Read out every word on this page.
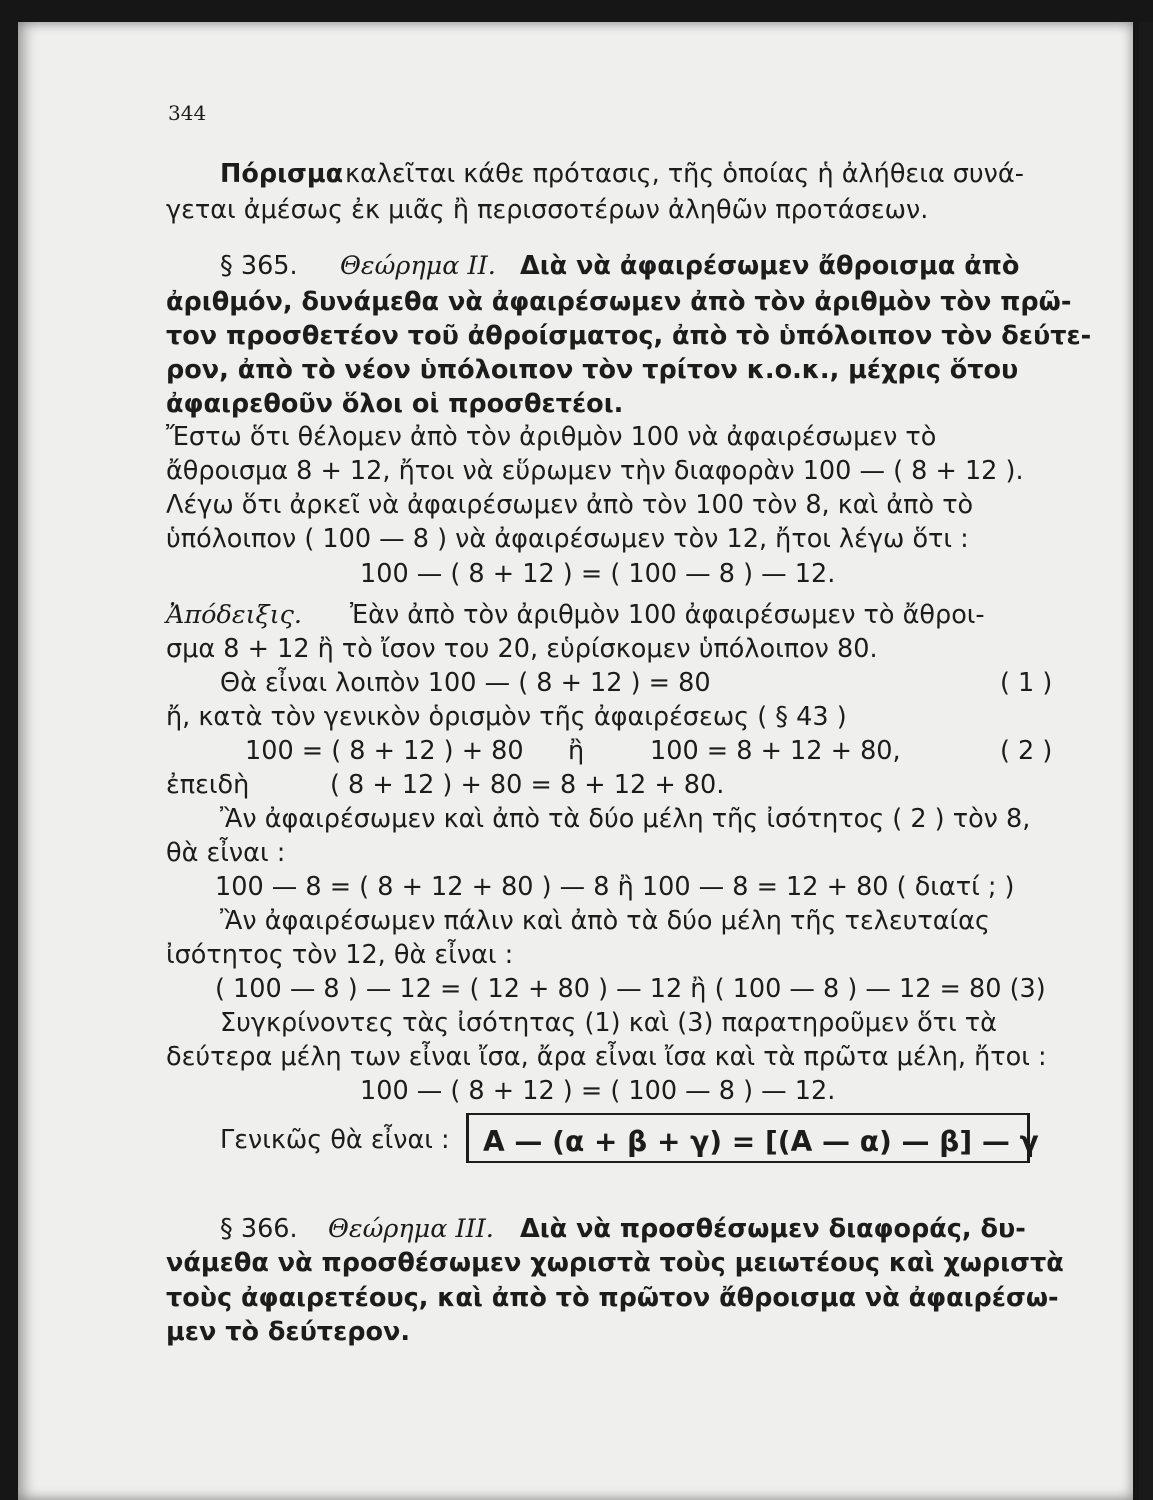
344
Πόρισμα καλεῖται κάθε πρότασις, τῆς ὁποίας ἡ ἀλήθεια συνά-
γεται ἀμέσως ἐκ μιᾶς ἢ περισσοτέρων ἀληθῶν προτάσεων.
§ 365. Θεώρημα II. Διὰ νὰ ἀφαιρέσωμεν ἄθροισμα ἀπὸ
ἀριθμόν, δυνάμεθα νὰ ἀφαιρέσωμεν ἀπὸ τὸν ἀριθμὸν τὸν πρῶ-
τον προσθετέον τοῦ ἀθροίσματος, ἀπὸ τὸ ὑπόλοιπον τὸν δεύτε-
ρον, ἀπὸ τὸ νέον ὑπόλοιπον τὸν τρίτον κ.ο.κ., μέχρις ὅτου
ἀφαιρεθοῦν ὅλοι οἱ προσθετέοι.
Ἔστω ὅτι θέλομεν ἀπὸ τὸν ἀριθμὸν 100 νὰ ἀφαιρέσωμεν τὸ
ἄθροισμα 8 + 12, ἤτοι νὰ εὕρωμεν τὴν διαφορὰν 100 — ( 8 + 12 ).
Λέγω ὅτι ἀρκεῖ νὰ ἀφαιρέσωμεν ἀπὸ τὸν 100 τὸν 8, καὶ ἀπὸ τὸ
ὑπόλοιπον ( 100 — 8 ) νὰ ἀφαιρέσωμεν τὸν 12, ἤτοι λέγω ὅτι :
100 — ( 8 + 12 ) = ( 100 — 8 ) — 12.
Ἀπόδειξις. Ἐὰν ἀπὸ τὸν ἀριθμὸν 100 ἀφαιρέσωμεν τὸ ἄθροι-
σμα 8 + 12 ἢ τὸ ἴσον του 20, εὑρίσκομεν ὑπόλοιπον 80.
Θὰ εἶναι λοιπὸν 100 — ( 8 + 12 ) = 80	( 1 )
ἤ, κατὰ τὸν γενικὸν ὁρισμὸν τῆς ἀφαιρέσεως ( § 43 )
100 = ( 8 + 12 ) + 80 ἢ	100 = 8 + 12 + 80,	( 2 )
ἐπειδὴ	( 8 + 12 ) + 80 = 8 + 12 + 80.
Ἂν ἀφαιρέσωμεν καὶ ἀπὸ τὰ δύο μέλη τῆς ἰσότητος ( 2 ) τὸν 8,
θὰ εἶναι :
100 — 8 = ( 8 + 12 + 80 ) — 8 ἢ 100 — 8 = 12 + 80 ( διατί ; )
Ἂν ἀφαιρέσωμεν πάλιν καὶ ἀπὸ τὰ δύο μέλη τῆς τελευταίας
ἰσότητος τὸν 12, θὰ εἶναι :
( 100 — 8 ) — 12 = ( 12 + 80 ) — 12 ἢ ( 100 — 8 ) — 12 = 80 (3)
Συγκρίνοντες τὰς ἰσότητας (1) καὶ (3) παρατηροῦμεν ὅτι τὰ
δεύτερα μέλη των εἶναι ἴσα, ἄρα εἶναι ἴσα καὶ τὰ πρῶτα μέλη, ἤτοι :
100 — ( 8 + 12 ) = ( 100 — 8 ) — 12.
Γενικῶς θὰ εἶναι : Α — (α + β + γ) = [(Α — α) — β] — γ
§ 366. Θεώρημα III. Διὰ νὰ προσθέσωμεν διαφοράς, δυ-
νάμεθα νὰ προσθέσωμεν χωριστὰ τοὺς μειωτέους καὶ χωριστὰ
τοὺς ἀφαιρετέους, καὶ ἀπὸ τὸ πρῶτον ἄθροισμα νὰ ἀφαιρέσω-
μεν τὸ δεύτερον.
